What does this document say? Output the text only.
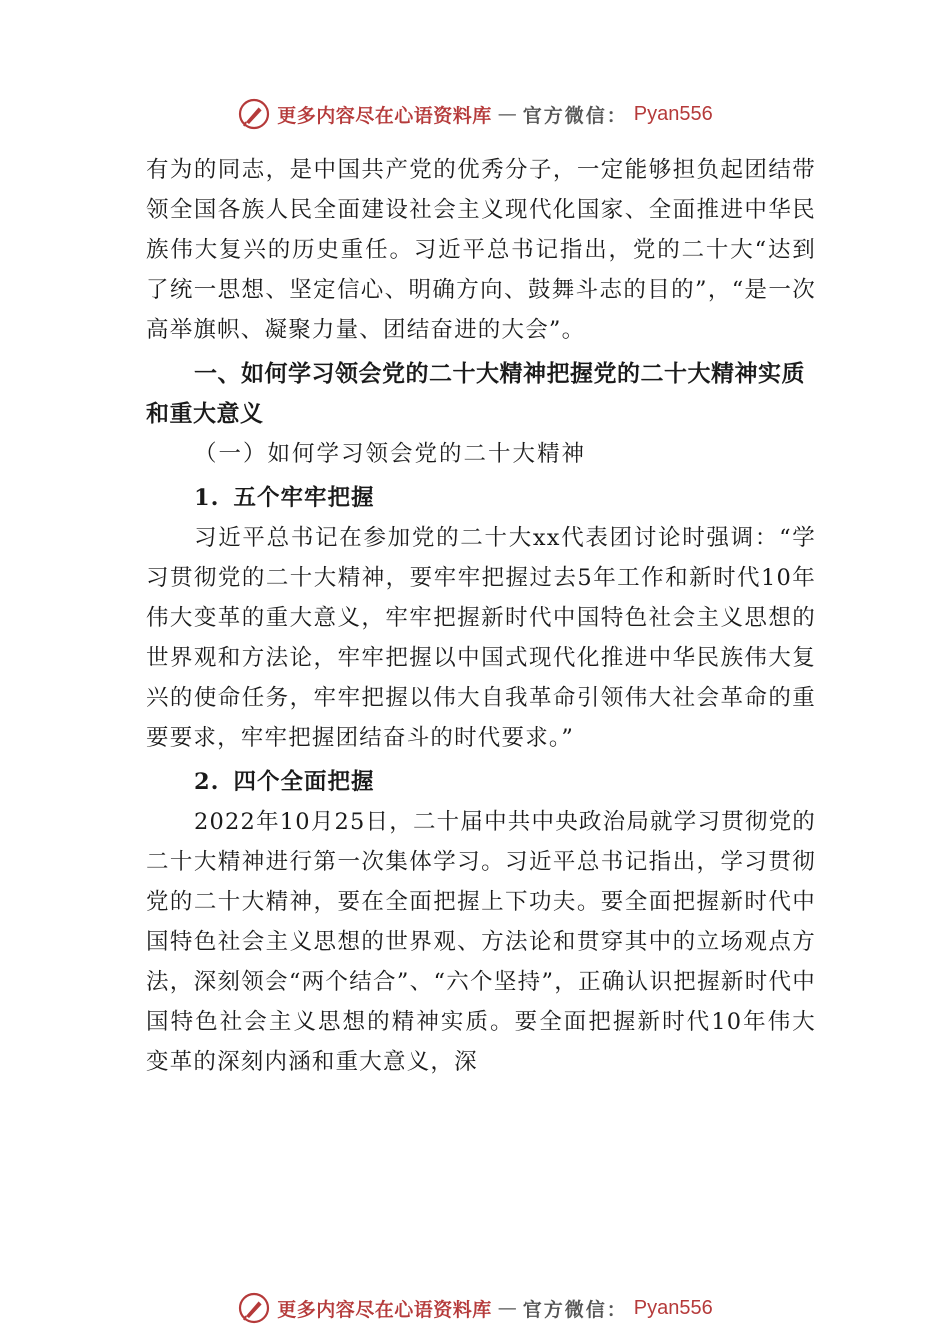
更多内容尽在心语资料库 — 官方微信： Pyan556

有为的同志，是中国共产党的优秀分子，一定能够担负起团结带领全国各族人民全面建设社会主义现代化国家、全面推进中华民族伟大复兴的历史重任。习近平总书记指出，党的二十大“达到了统一思想、坚定信心、明确方向、鼓舞斗志的目的”，“是一次高举旗帜、凝聚力量、团结奋进的大会”。

一、如何学习领会党的二十大精神把握党的二十大精神实质和重大意义

（一）如何学习领会党的二十大精神

1. 五个牢牢把握

习近平总书记在参加党的二十大xx代表团讨论时强调：“学习贯彻党的二十大精神，要牢牢把握过去5年工作和新时代10年伟大变革的重大意义，牢牢把握新时代中国特色社会主义思想的世界观和方法论，牢牢把握以中国式现代化推进中华民族伟大复兴的使命任务，牢牢把握以伟大自我革命引领伟大社会革命的重要要求，牢牢把握团结奋斗的时代要求。”

2. 四个全面把握

2022年10月25日，二十届中共中央政治局就学习贯彻党的二十大精神进行第一次集体学习。习近平总书记指出，学习贯彻党的二十大精神，要在全面把握上下功夫。要全面把握新时代中国特色社会主义思想的世界观、方法论和贯穿其中的立场观点方法，深刻领会“两个结合”、“六个坚持”，正确认识把握新时代中国特色社会主义思想的精神实质。要全面把握新时代10年伟大变革的深刻内涵和重大意义，深

更多内容尽在心语资料库 — 官方微信： Pyan556
